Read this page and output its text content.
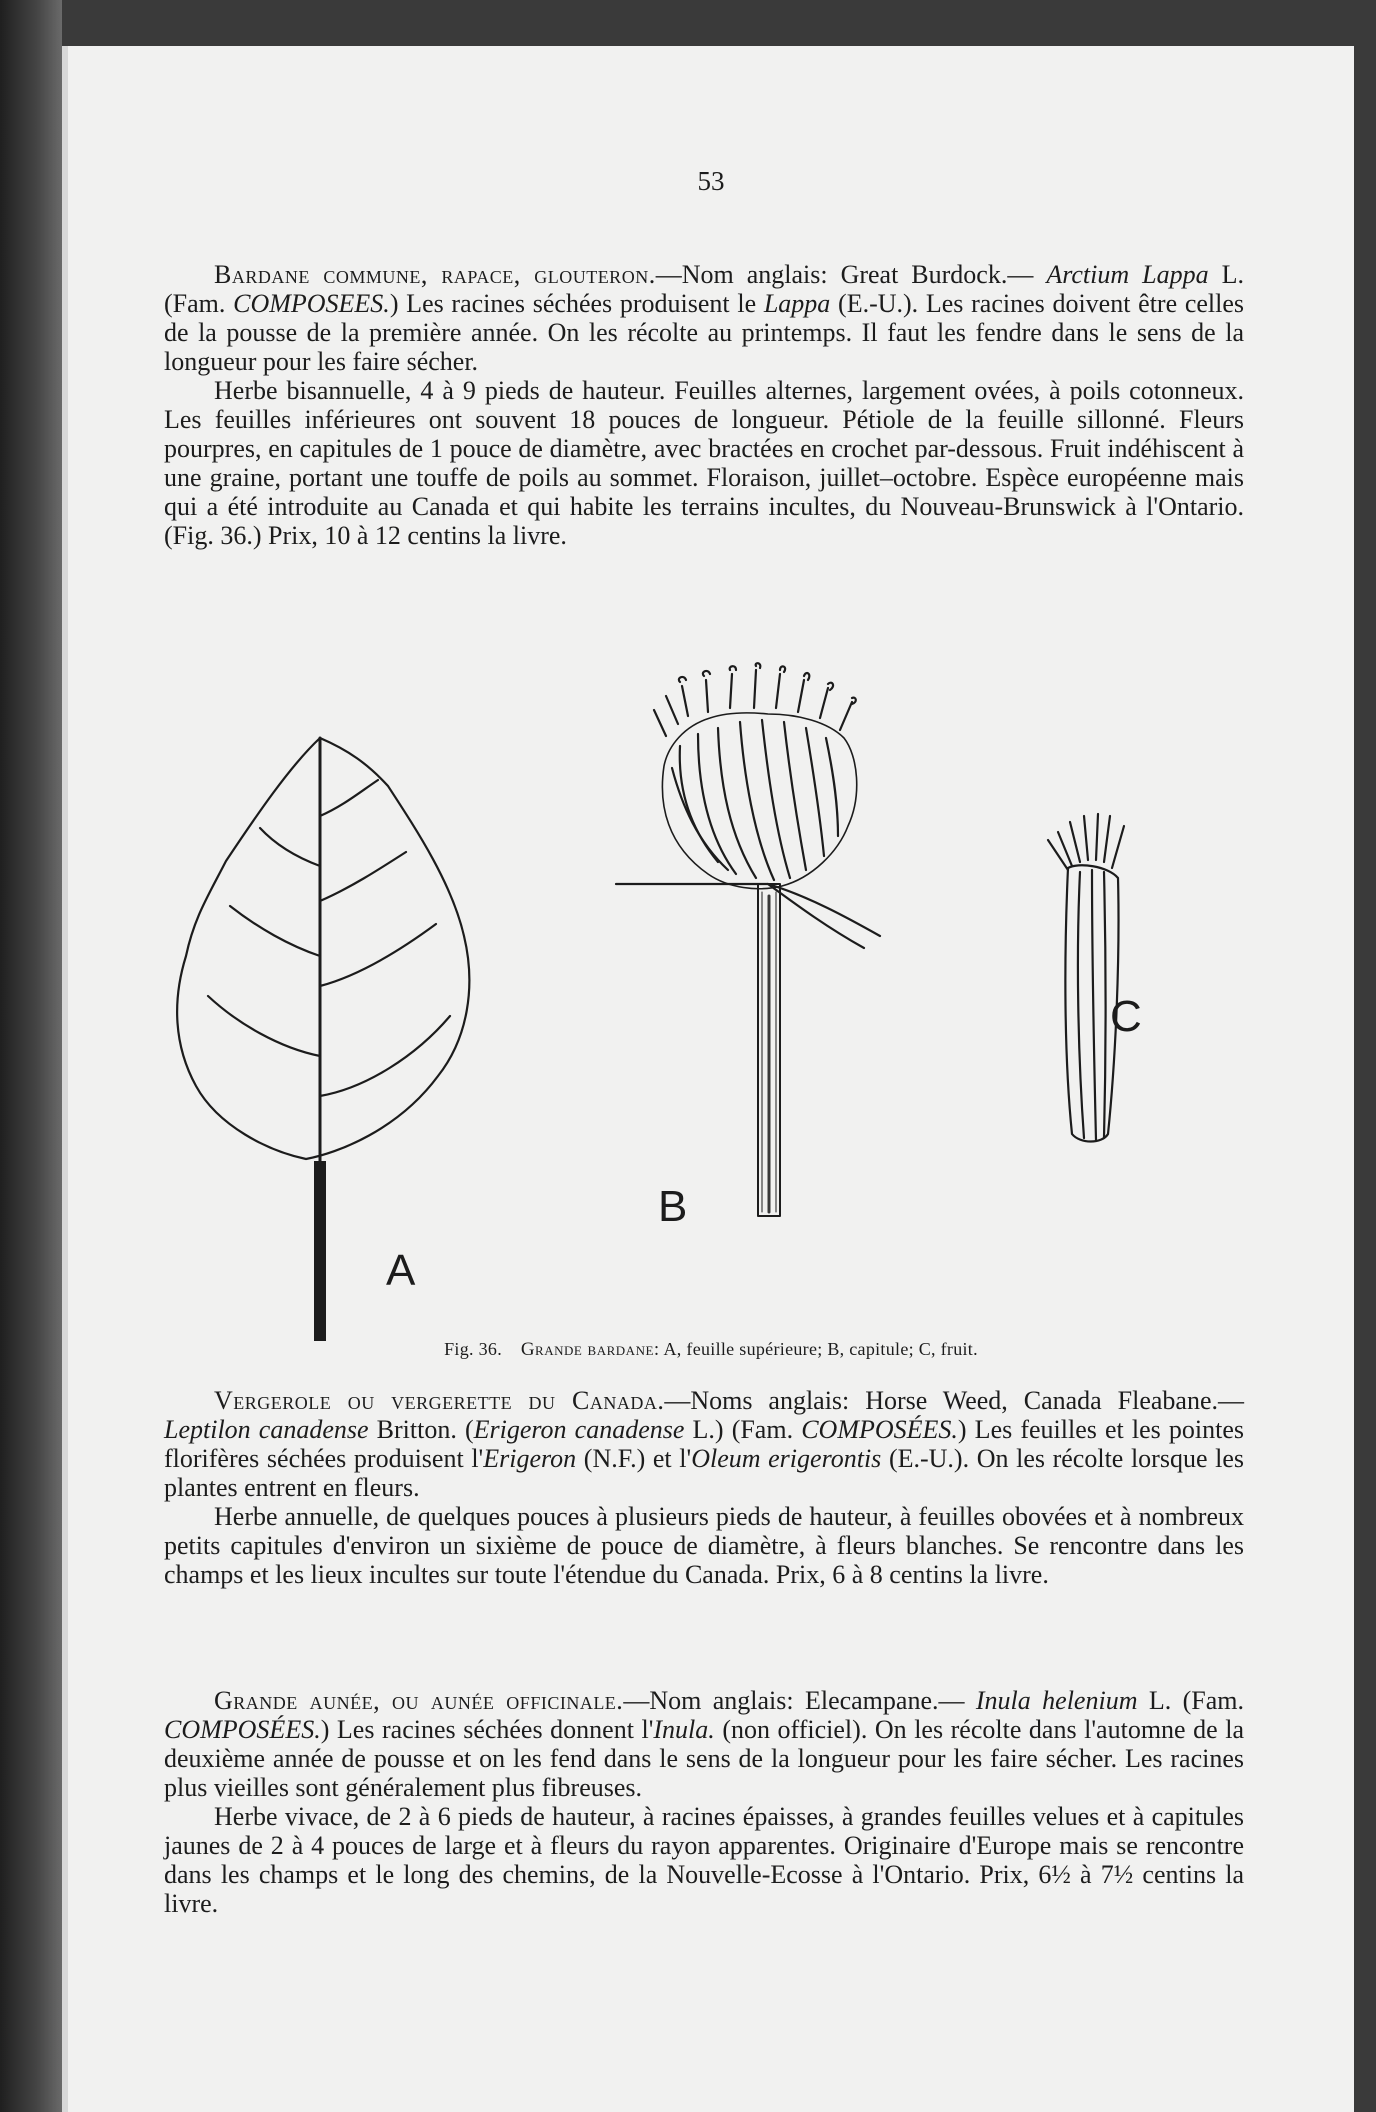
53

Bardane commune, rapace, glouteron.—Nom anglais: Great Burdock.— Arctium Lappa L. (Fam. COMPOSEES.) Les racines séchées produisent le Lappa (E.-U.). Les racines doivent être celles de la pousse de la première année. On les récolte au printemps. Il faut les fendre dans le sens de la longueur pour les faire sécher.

Herbe bisannuelle, 4 à 9 pieds de hauteur. Feuilles alternes, largement ovées, à poils cotonneux. Les feuilles inférieures ont souvent 18 pouces de longueur. Pétiole de la feuille sillonné. Fleurs pourpres, en capitules de 1 pouce de diamètre, avec bractées en crochet par-dessous. Fruit indéhiscent à une graine, portant une touffe de poils au sommet. Floraison, juillet–octobre. Espèce européenne mais qui a été introduite au Canada et qui habite les terrains incultes, du Nouveau-Brunswick à l'Ontario. (Fig. 36.) Prix, 10 à 12 centins la livre.

A
B
C
Fig. 36. Grande bardane: A, feuille supérieure; B, capitule; C, fruit.

Vergerole ou vergerette du Canada.—Noms anglais: Horse Weed, Canada Fleabane.—Leptilon canadense Britton. (Erigeron canadense L.) (Fam. COMPOSÉES.) Les feuilles et les pointes florifères séchées produisent l'Erigeron (N.F.) et l'Oleum erigerontis (E.-U.). On les récolte lorsque les plantes entrent en fleurs.

Herbe annuelle, de quelques pouces à plusieurs pieds de hauteur, à feuilles obovées et à nombreux petits capitules d'environ un sixième de pouce de diamètre, à fleurs blanches. Se rencontre dans les champs et les lieux incultes sur toute l'étendue du Canada. Prix, 6 à 8 centins la livre.

Grande aunée, ou aunée officinale.—Nom anglais: Elecampane.— Inula helenium L. (Fam. COMPOSÉES.) Les racines séchées donnent l'Inula. (non officiel). On les récolte dans l'automne de la deuxième année de pousse et on les fend dans le sens de la longueur pour les faire sécher. Les racines plus vieilles sont généralement plus fibreuses.

Herbe vivace, de 2 à 6 pieds de hauteur, à racines épaisses, à grandes feuilles velues et à capitules jaunes de 2 à 4 pouces de large et à fleurs du rayon apparentes. Originaire d'Europe mais se rencontre dans les champs et le long des chemins, de la Nouvelle-Ecosse à l'Ontario. Prix, 6½ à 7½ centins la livre.
